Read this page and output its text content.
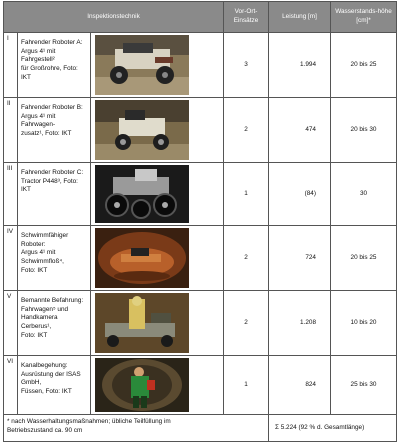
Inspektionstechnik			Vor-Ort-Einsätze	Leistung [m]	Wasserstands-höhe [cm]*
I	Fahrender Roboter A:
Argus 4¹ mit Fahrgestell²
für Großrohre, Foto: IKT		3	1.994	20 bis 25
II	Fahrender Roboter B:
Argus 4¹ mit Fahrwagen-
zusatz¹, Foto: IKT		2	474	20 bis 30
III	Fahrender Roboter C:
Tractor P448³, Foto: IKT		1	(84)	30
IV	Schwimmfähiger
Roboter:
Argus 4¹ mit Schwimmfloß⁴,
Foto: IKT		2	724	20 bis 25
V	Bemannte Befahrung:
Fahrwagen⁵ und
Handkamera Cerberus¹,
Foto: IKT		2	1.208	10 bis 20
VI	Kanalbegehung:
Ausrüstung der ISAS GmbH,
Füssen, Foto: IKT		1	824	25 bis 30

* nach Wasserhaltungsmaßnahmen; übliche Teilfüllung im
Betriebszustand ca. 90 cm				Σ 5.224 (92 % d. Gesamtlänge)	
